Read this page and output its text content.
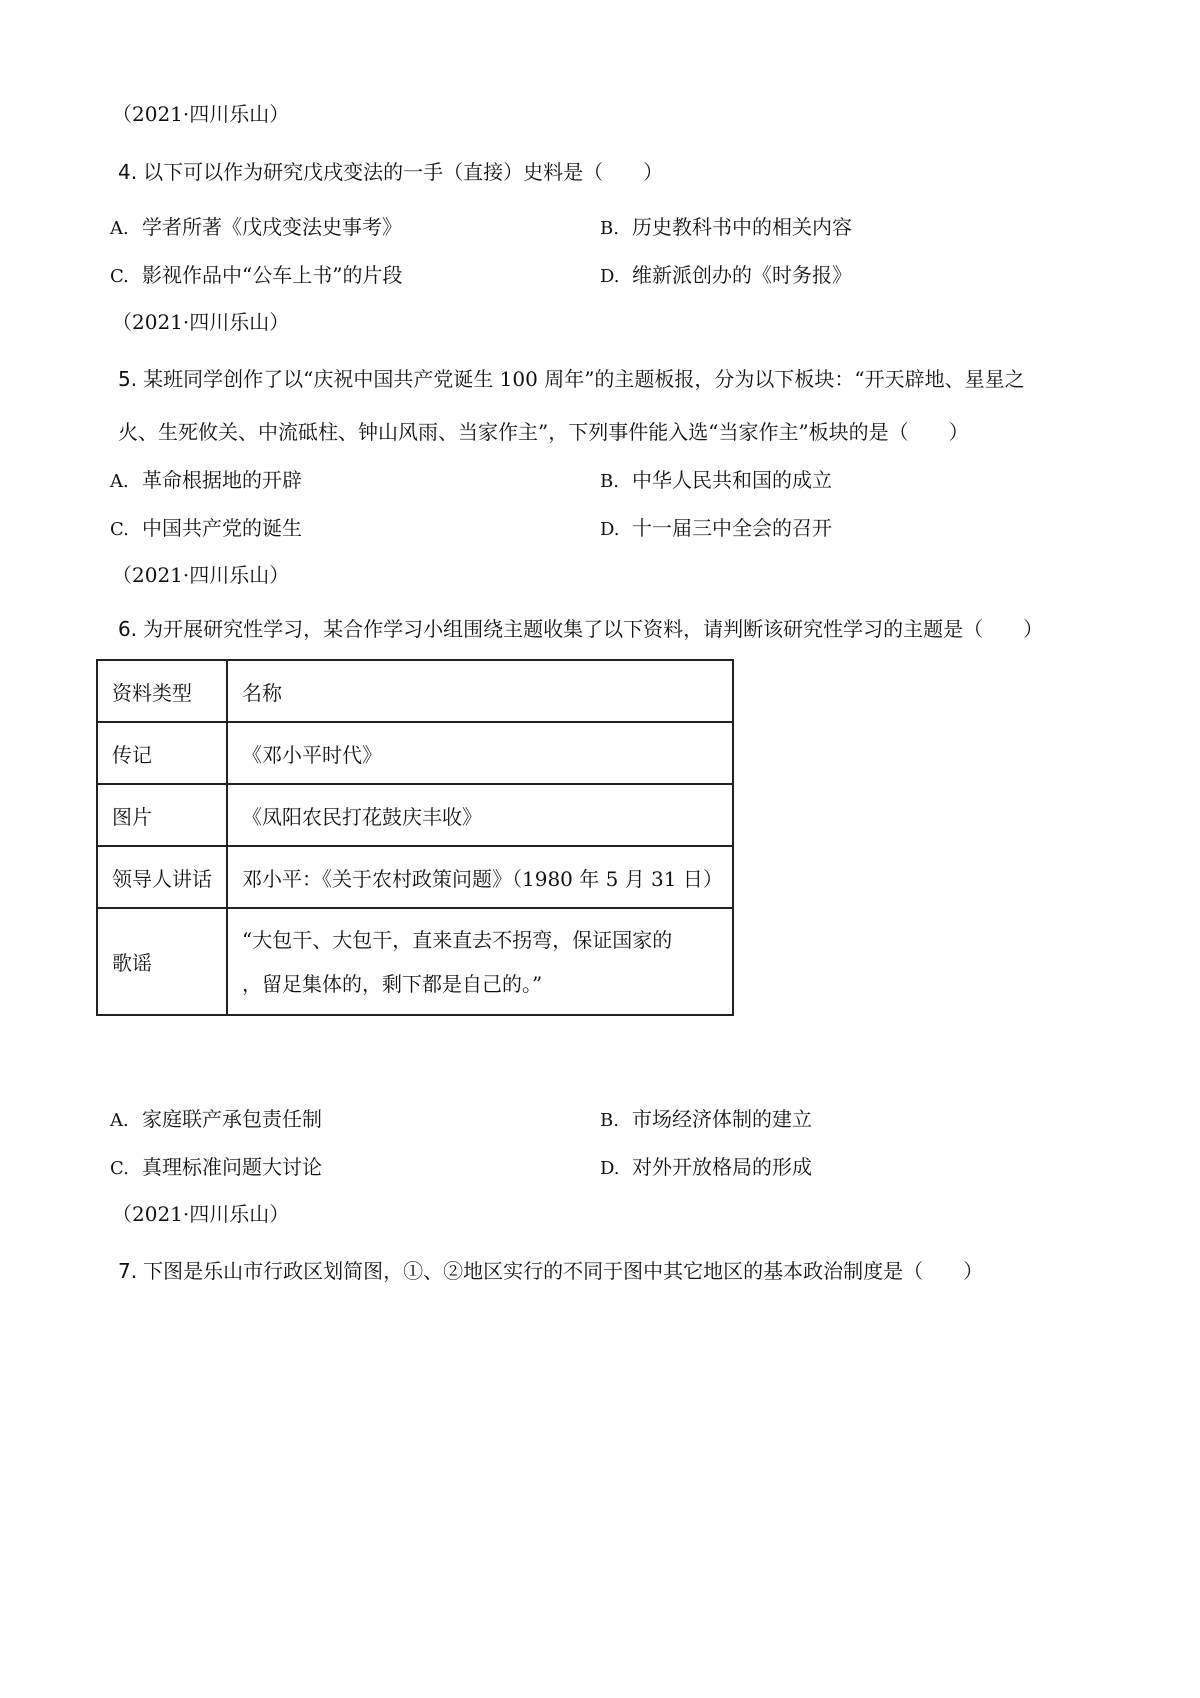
（2021·四川乐山）
4. 以下可以作为研究戊戌变法的一手（直接）史料是（　　）
A. 学者所著《戊戌变法史事考》	B. 历史教科书中的相关内容
C. 影视作品中“公车上书”的片段	D. 维新派创办的《时务报》
（2021·四川乐山）
5. 某班同学创作了以“庆祝中国共产党诞生 100 周年”的主题板报，分为以下板块：“开天辟地、星星之
火、生死攸关、中流砥柱、钟山风雨、当家作主”，下列事件能入选“当家作主”板块的是（　　）
A. 革命根据地的开辟	B. 中华人民共和国的成立
C. 中国共产党的诞生	D. 十一届三中全会的召开
（2021·四川乐山）
6. 为开展研究性学习，某合作学习小组围绕主题收集了以下资料，请判断该研究性学习的主题是（　　）
资料类型	名称
传记	《邓小平时代》
图片	《凤阳农民打花鼓庆丰收》
领导人讲话	邓小平：《关于农村政策问题》（1980 年 5 月 31 日）
歌谣	“大包干、大包干，直来直去不拐弯，保证国家的
，留足集体的，剩下都是自己的。”
A. 家庭联产承包责任制	B. 市场经济体制的建立
C. 真理标准问题大讨论	D. 对外开放格局的形成
（2021·四川乐山）
7. 下图是乐山市行政区划简图，①、②地区实行的不同于图中其它地区的基本政治制度是（　　）
